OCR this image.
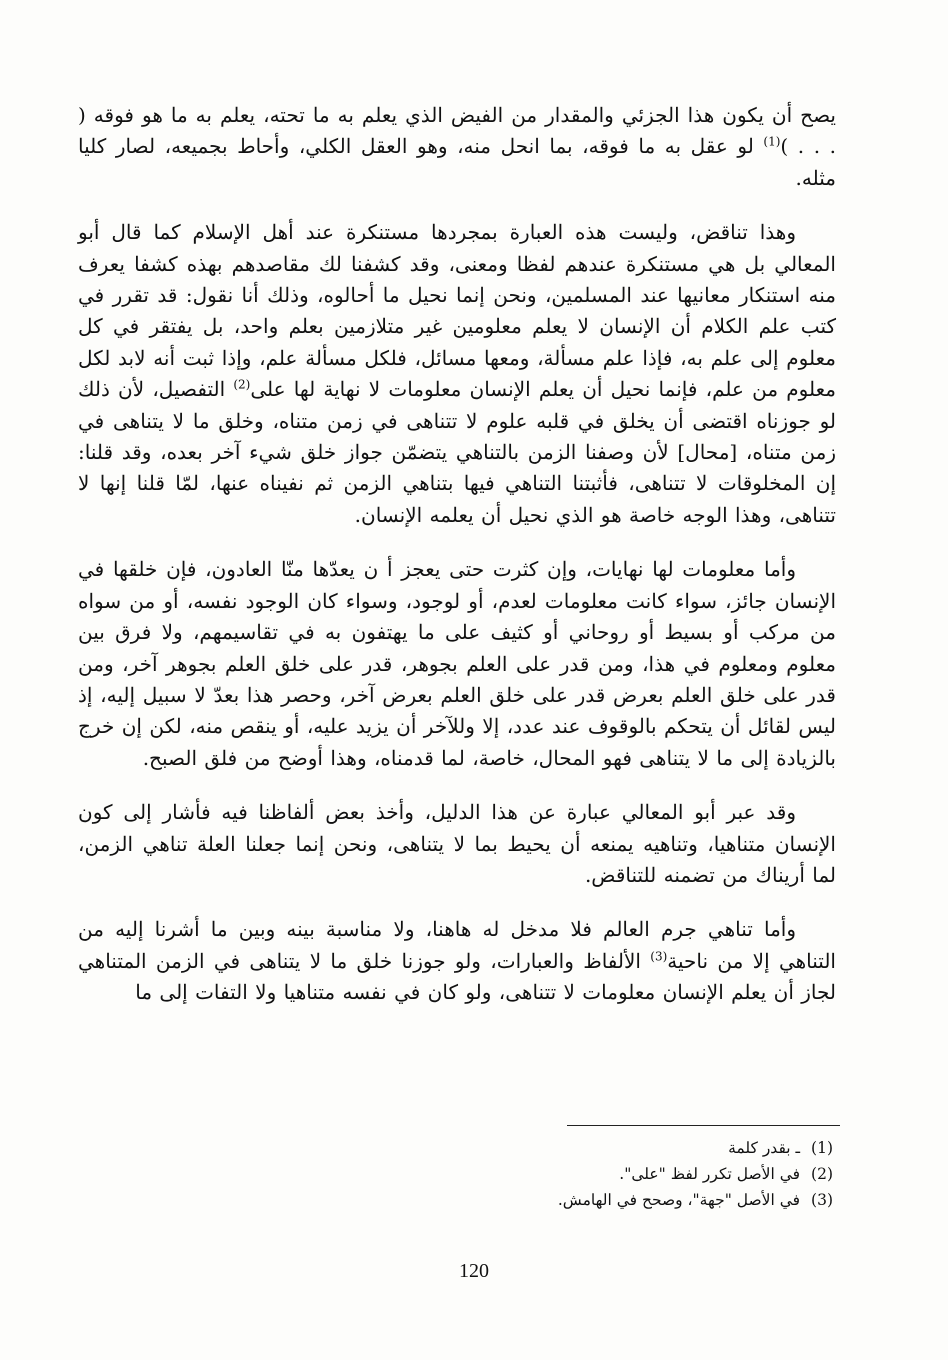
يصح أن يكون هذا الجزئي والمقدار من الفيض الذي يعلم به ما تحته، يعلم به ما هو فوقه ( . . . )$^{(1)}$ لو عقل به ما فوقه، بما انحل منه، وهو العقل الكلي، وأحاط بجميعه، لصار كليا مثله.

وهذا تناقض، وليست هذه العبارة بمجردها مستنكرة عند أهل الإسلام كما قال أبو المعالي بل هي مستنكرة عندهم لفظا ومعنى، وقد كشفنا لك مقاصدهم بهذه كشفا يعرف منه استنكار معانيها عند المسلمين، ونحن إنما نحيل ما أحالوه، وذلك أنا نقول: قد تقرر في كتب علم الكلام أن الإنسان لا يعلم معلومين غير متلازمين بعلم واحد، بل يفتقر في كل معلوم إلى علم به، فإذا علم مسألة، ومعها مسائل، فلكل مسألة علم، وإذا ثبت أنه لابد لكل معلوم من علم، فإنما نحيل أن يعلم الإنسان معلومات لا نهاية لها على$^{(2)}$ التفصيل، لأن ذلك لو جوزناه اقتضى أن يخلق في قلبه علوم لا تتناهى في زمن متناه، وخلق ما لا يتناهى في زمن متناه، [محال] لأن وصفنا الزمن بالتناهي يتضمّن جواز خلق شيء آخر بعده، وقد قلنا: إن المخلوقات لا تتناهى، فأثبتنا التناهي فيها بتناهي الزمن ثم نفيناه عنها، لمّا قلنا إنها لا تتناهى، وهذا الوجه خاصة هو الذي نحيل أن يعلمه الإنسان.

وأما معلومات لها نهايات، وإن كثرت حتى يعجز أ ن يعدّها منّا العادون، فإن خلقها في الإنسان جائز، سواء كانت معلومات لعدم، أو لوجود، وسواء كان الوجود نفسه، أو من سواه من مركب أو بسيط أو روحاني أو كثيف على ما يهتفون به في تقاسيمهم، ولا فرق بين معلوم ومعلوم في هذا، ومن قدر على العلم بجوهر، قدر على خلق العلم بجوهر آخر، ومن قدر على خلق العلم بعرض قدر على خلق العلم بعرض آخر، وحصر هذا بعدّ لا سبيل إليه، إذ ليس لقائل أن يتحكم بالوقوف عند عدد، إلا وللآخر أن يزيد عليه، أو ينقص منه، لكن إن خرج بالزيادة إلى ما لا يتناهى فهو المحال، خاصة، لما قدمناه، وهذا أوضح من فلق الصبح.

وقد عبر أبو المعالي عبارة عن هذا الدليل، وأخذ بعض ألفاظنا فيه فأشار إلى كون الإنسان متناهيا، وتناهيه يمنعه أن يحيط بما لا يتناهى، ونحن إنما جعلنا العلة تناهي الزمن، لما أريناك من تضمنه للتناقض.

وأما تناهي جرم العالم فلا مدخل له هاهنا، ولا مناسبة بينه وبين ما أشرنا إليه من التناهي إلا من ناحية$^{(3)}$ الألفاظ والعبارات، ولو جوزنا خلق ما لا يتناهى في الزمن المتناهي لجاز أن يعلم الإنسان معلومات لا تتناهى، ولو كان في نفسه متناهيا ولا التفات إلى ما

(1) ـ بقدر كلمة

(2) في الأصل تكرر لفظ "على".

(3) في الأصل "جهة"، وصحح في الهامش.

120
